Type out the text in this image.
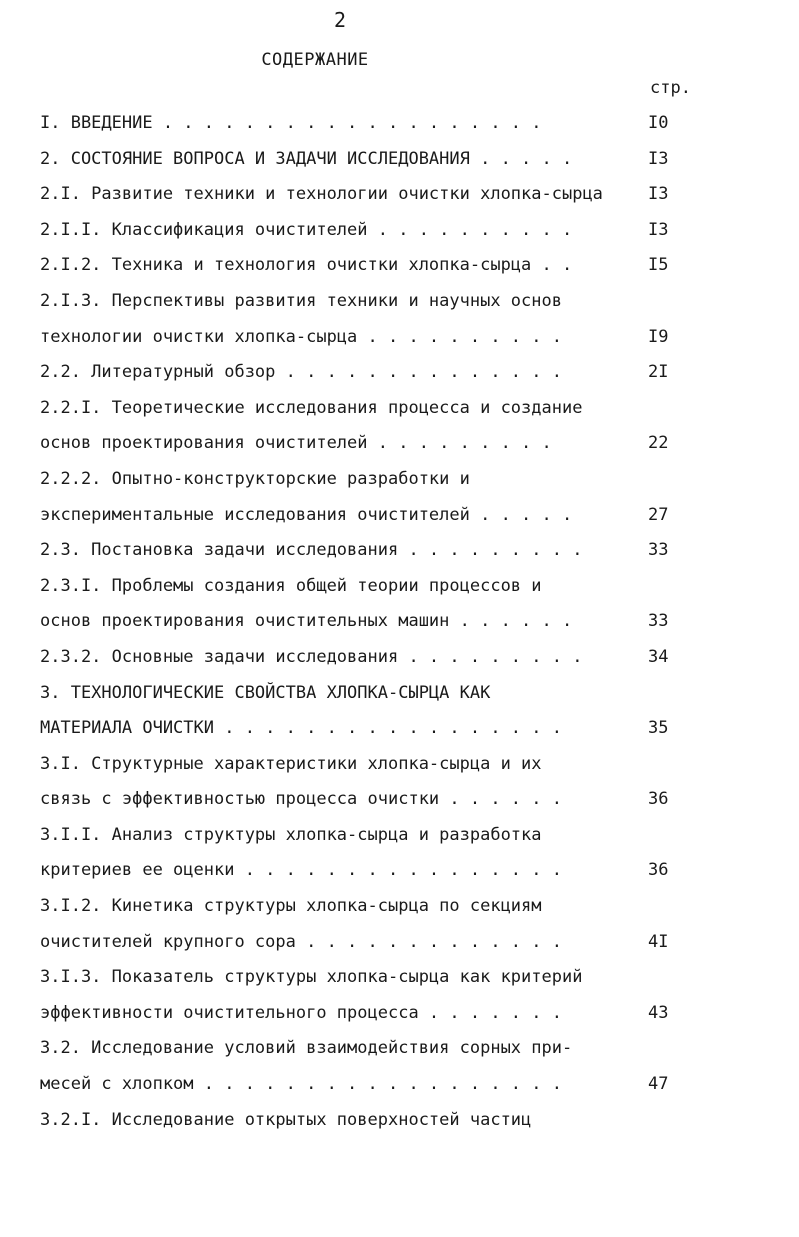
2
СОДЕРЖАНИЕ
стр.
I. ВВЕДЕНИЕ . . . . . . . . . . . . . . . . . . .	I0
2. СОСТОЯНИЕ ВОПРОСА И ЗАДАЧИ ИССЛЕДОВАНИЯ . . . . .	I3
2.I. Развитие техники и технологии очистки хлопка-сырца	I3
2.I.I. Классификация очистителей . . . . . . . . . .	I3
2.I.2. Техника и технология очистки хлопка-сырца . .	I5
2.I.3. Перспективы развития техники и научных основ
технологии очистки хлопка-сырца . . . . . . . . . .	I9
2.2. Литературный обзор . . . . . . . . . . . . . .	2I
2.2.I. Теоретические исследования процесса и создание
основ проектирования очистителей . . . . . . . . .	22
2.2.2. Опытно-конструкторские разработки и
экспериментальные исследования очистителей . . . . .	27
2.3. Постановка задачи исследования . . . . . . . . .	33
2.3.I. Проблемы создания общей теории процессов и
основ проектирования очистительных машин . . . . . .	33
2.3.2. Основные задачи исследования . . . . . . . . .	34
3. ТЕХНОЛОГИЧЕСКИЕ СВОЙСТВА ХЛОПКА-СЫРЦА КАК
МАТЕРИАЛА ОЧИСТКИ . . . . . . . . . . . . . . . . .	35
3.I. Структурные характеристики хлопка-сырца и их
связь с эффективностью процесса очистки . . . . . .	36
3.I.I. Анализ структуры хлопка-сырца и разработка
критериев ее оценки . . . . . . . . . . . . . . . .	36
3.I.2. Кинетика структуры хлопка-сырца по секциям
очистителей крупного сора . . . . . . . . . . . . .	4I
3.I.3. Показатель структуры хлопка-сырца как критерий
эффективности очистительного процесса . . . . . . .	43
3.2. Исследование условий взаимодействия сорных при-
месей с хлопком . . . . . . . . . . . . . . . . . .	47
3.2.I. Исследование открытых поверхностей частиц
